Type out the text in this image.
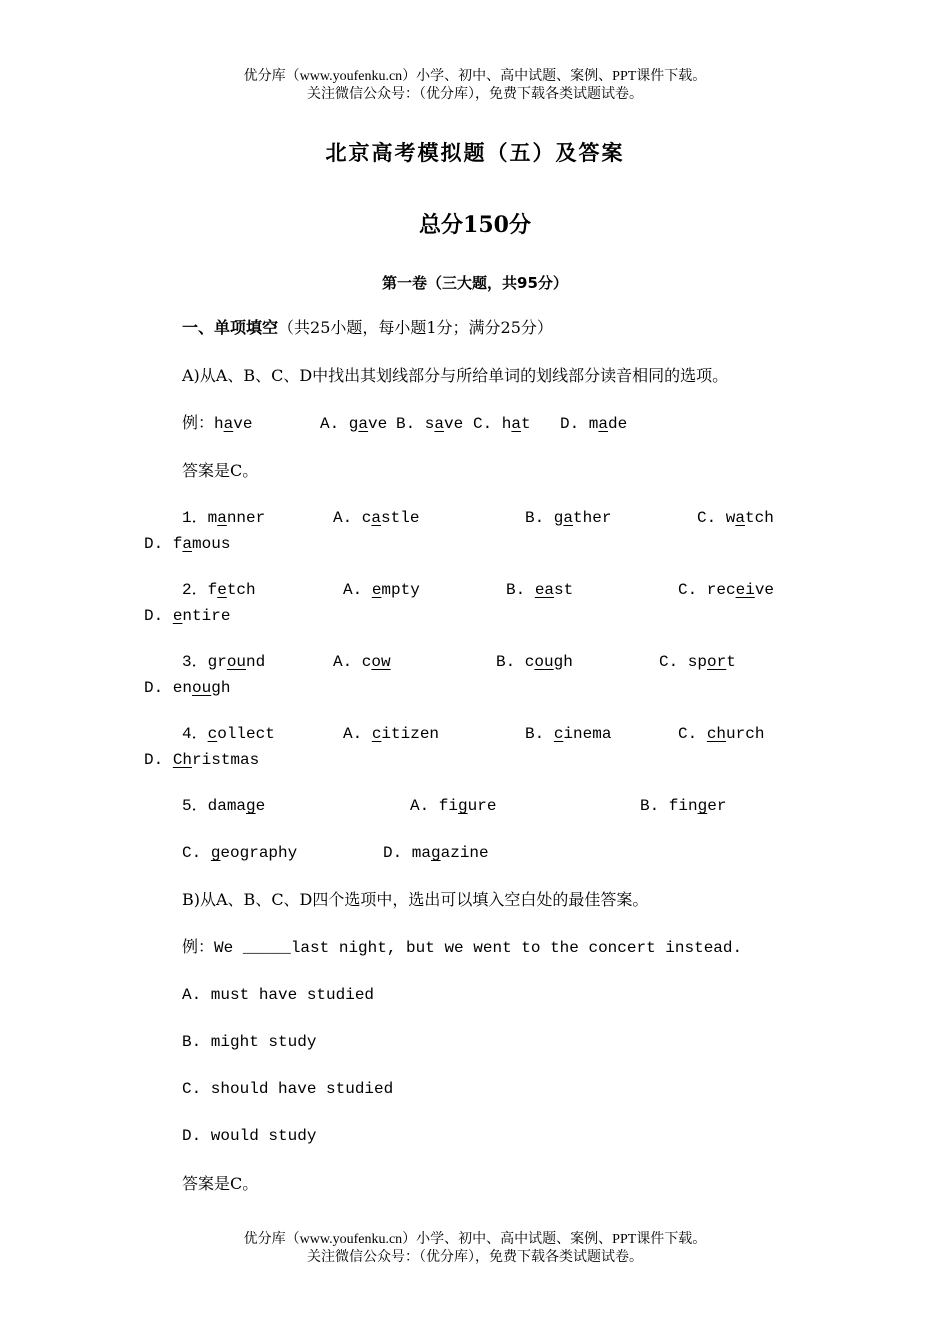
优分库（www.youfenku.cn）小学、初中、高中试题、案例、PPT课件下载。
关注微信公众号：（优分库），免费下载各类试题试卷。
北京高考模拟题（五）及答案
总分150分
第一卷（三大题，共95分）
一、单项填空（共25小题，每小题1分；满分25分）
A)从A、B、C、D中找出其划线部分与所给单词的划线部分读音相同的选项。
例：have	A. gave B. save C. hat D. made
答案是C。
1．manner	A. castle	B. gather	C. watch
D. famous
2．fetch	A. empty	B. east	C. receive
D. entire
3．ground	A. cow	B. cough	C. sport
D. enough
4．collect	A. citizen	B. cinema	C. church
D. Christmas
5．damage	A. figure	B. finger
C. geography	D. magazine
B)从A、B、C、D四个选项中，选出可以填入空白处的最佳答案。
例：We _____last night, but we went to the concert instead.
A. must have studied
B. might study
C. should have studied
D. would study
答案是C。
优分库（www.youfenku.cn）小学、初中、高中试题、案例、PPT课件下载。
关注微信公众号：（优分库），免费下载各类试题试卷。
